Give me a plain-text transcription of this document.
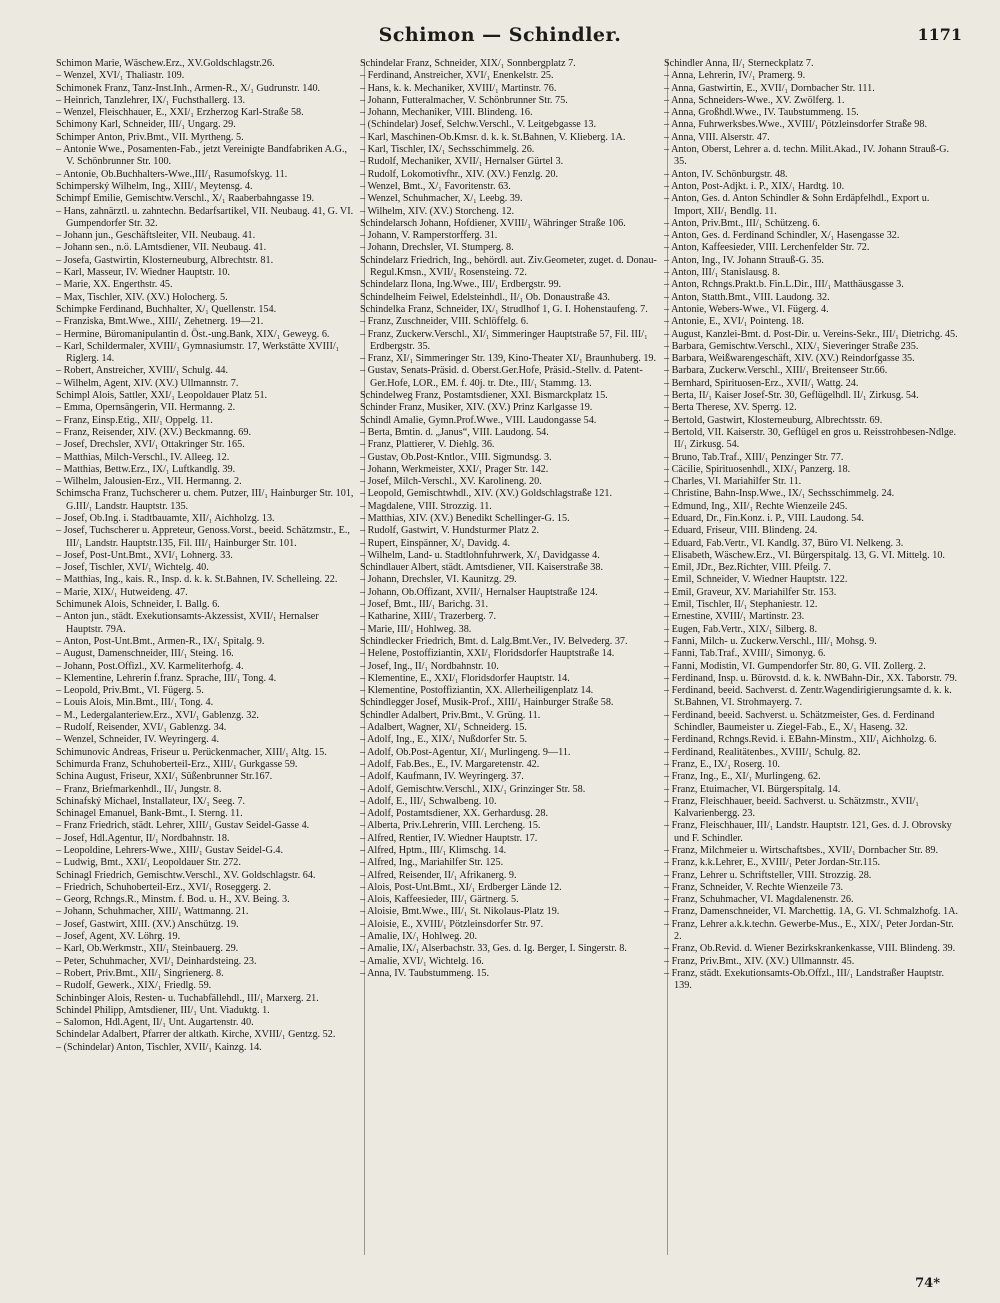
Schimon — Schindler.	1171
Schimon Marie, Wäschew.Erz., XV.Goldschlagstr.26.
– Wenzel, XVI/₁ Thaliastr. 109.
Schimonek Franz, Tanz-Inst.Inh., Armen-R., X/₁ Gudrunstr. 140.
– Heinrich, Tanzlehrer, IX/₁ Fuchsthallerg. 13.
– Wenzel, Fleischhauer, E., XXI/₁ Erzherzog Karl-Straße 58.
Schimony Karl, Schneider, III/₁ Ungarg. 29.
Schimper Anton, Priv.Bmt., VII. Myrtheng. 5.
– Antonie Wwe., Posamenten-Fab., jetzt Vereinigte Bandfabriken A.G., V. Schönbrunner Str. 100.
– Antonie, Ob.Buchhalters-Wwe.,III/₁ Rasumofskyg. 11.
Schimperský Wilhelm, Ing., XIII/₁ Meytensg. 4.
Schimpf Emilie, Gemischtw.Verschl., X/₁ Raaberbahngasse 19.
– Hans, zahnärztl. u. zahntechn. Bedarfsartikel, VII. Neubaug. 41, G. VI. Gumpendorfer Str. 32.
– Johann jun., Geschäftsleiter, VII. Neubaug. 41.
– Johann sen., n.ö. LAmtsdiener, VII. Neubaug. 41.
– Josefa, Gastwirtin, Klosterneuburg, Albrechtstr. 81.
– Karl, Masseur, IV. Wiedner Hauptstr. 10.
– Marie, XX. Engerthstr. 45.
– Max, Tischler, XIV. (XV.) Holocherg. 5.
Schimpke Ferdinand, Buchhalter, X/₁ Quellenstr. 154.
– Franziska, Bmt.Wwe., XIII/₁ Zehetnerg. 19—21.
– Hermine, Büromanipulantin d. Öst.-ung.Bank, XIX/₁ Geweyg. 6.
– Karl, Schildermaler, XVIII/₁ Gymnasiumstr. 17, Werkstätte XVIII/₁ Riglerg. 14.
– Robert, Anstreicher, XVIII/₁ Schulg. 44.
– Wilhelm, Agent, XIV. (XV.) Ullmannstr. 7.
Schimpl Alois, Sattler, XXI/₁ Leopoldauer Platz 51.
– Emma, Opernsängerin, VII. Hermanng. 2.
– Franz, Einsp.Etig., XII/₁ Oppelg. 11.
– Franz, Reisender, XIV. (XV.) Beckmanng. 69.
– Josef, Drechsler, XVI/₁ Ottakringer Str. 165.
– Matthias, Milch-Verschl., IV. Alleeg. 12.
– Matthias, Bettw.Erz., IX/₁ Luftkandlg. 39.
– Wilhelm, Jalousien-Erz., VII. Hermanng. 2.
Schimscha Franz, Tuchscherer u. chem. Putzer, III/₁ Hainburger Str. 101, G.III/₁ Landstr. Hauptstr. 135.
– Josef, Ob.Ing. i. Stadtbauamte, XII/₁ Aichholzg. 13.
– Josef, Tuchscherer u. Appreteur, Genoss.Vorst., beeid. Schätzmstr., E., III/₁ Landstr. Hauptstr.135, Fil. III/₁ Hainburger Str. 101.
– Josef, Post-Unt.Bmt., XVI/₁ Lohnerg. 33.
– Josef, Tischler, XVI/₁ Wichtelg. 40.
– Matthias, Ing., kais. R., Insp. d. k. k. St.Bahnen, IV. Schelleing. 22.
– Marie, XIX/₁ Hutweideng. 47.
Schimunek Alois, Schneider, I. Ballg. 6.
– Anton jun., städt. Exekutionsamts-Akzessist, XVII/₁ Hernalser Hauptstr. 79A.
– Anton, Post-Unt.Bmt., Armen-R., IX/₁ Spitalg. 9.
– August, Damenschneider, III/₁ Steing. 16.
– Johann, Post.Offizl., XV. Karmeliterhofg. 4.
– Klementine, Lehrerin f.franz. Sprache, III/₁ Tong. 4.
– Leopold, Priv.Bmt., VI. Fügerg. 5.
– Louis Alois, Min.Bmt., III/₁ Tong. 4.
– M., Ledergalanteriew.Erz., XVI/₁ Gablenzg. 32.
– Rudolf, Reisender, XVI/₁ Gablenzg. 34.
– Wenzel, Schneider, IV. Weyringerg. 4.
Schimunovic Andreas, Friseur u. Perückenmacher, XIII/₁ Altg. 15.
Schimurda Franz, Schuhoberteil-Erz., XIII/₁ Gurkgasse 59.
Schina August, Friseur, XXI/₁ Süßenbrunner Str.167.
– Franz, Briefmarkenhdl., II/₁ Jungstr. 8.
Schinafský Michael, Installateur, IX/₁ Seeg. 7.
Schinagel Emanuel, Bank-Bmt., I. Sterng. 11.
– Franz Friedrich, städt. Lehrer, XIII/₁ Gustav Seidel-Gasse 4.
– Josef, Hdl.Agentur, II/₁ Nordbahnstr. 18.
– Leopoldine, Lehrers-Wwe., XIII/₁ Gustav Seidel-G.4.
– Ludwig, Bmt., XXI/₁ Leopoldauer Str. 272.
Schinagl Friedrich, Gemischtw.Verschl., XV. Goldschlagstr. 64.
– Friedrich, Schuhoberteil-Erz., XVI/₁ Roseggerg. 2.
– Georg, Rchngs.R., Minstm. f. Bod. u. H., XV. Being. 3.
– Johann, Schuhmacher, XIII/₁ Wattmanng. 21.
– Josef, Gastwirt, XIII. (XV.) Anschützg. 19.
– Josef, Agent, XV. Löhrg. 19.
– Karl, Ob.Werkmstr., XII/₁ Steinbauerg. 29.
– Peter, Schuhmacher, XVI/₁ Deinhardsteing. 23.
– Robert, Priv.Bmt., XII/₁ Singrienerg. 8.
– Rudolf, Gewerk., XIX/₁ Friedlg. 59.
Schinbinger Alois, Resten- u. Tuchabfällehdl., III/₁ Marxerg. 21.
Schindel Philipp, Amtsdiener, III/₁ Unt. Viaduktg. 1.
– Salomon, Hdl.Agent, II/₁ Unt. Augartenstr. 40.
Schindelar Adalbert, Pfarrer der altkath. Kirche, XVIII/₁ Gentzg. 52.
– (Schindelar) Anton, Tischler, XVII/₁ Kainzg. 14.
Schindelar Franz, Schneider, XIX/₁ Sonnbergplatz 7.
– Ferdinand, Anstreicher, XVI/₁ Enenkelstr. 25.
– Hans, k. k. Mechaniker, XVIII/₁ Martinstr. 76.
– Johann, Futteralmacher, V. Schönbrunner Str. 75.
– Johann, Mechaniker, VIII. Blindeng. 16.
– (Schindelar) Josef, Selchw.Verschl., V. Leitgebgasse 13.
– Karl, Maschinen-Ob.Kmsr. d. k. k. St.Bahnen, V. Klieberg. 1A.
– Karl, Tischler, IX/₁ Sechsschimmelg. 26.
– Rudolf, Mechaniker, XVII/₁ Hernalser Gürtel 3.
– Rudolf, Lokomotivfhr., XIV. (XV.) Fenzlg. 20.
– Wenzel, Bmt., X/₁ Favoritenstr. 63.
– Wenzel, Schuhmacher, X/₁ Leebg. 39.
– Wilhelm, XIV. (XV.) Storcheng. 12.
Schindelarsch Johann, Hofdiener, XVIII/₁ Währinger Straße 106.
– Johann, V. Ramperstorfferg. 31.
– Johann, Drechsler, VI. Stumperg. 8.
Schindelarz Friedrich, Ing., behördl. aut. Ziv.Geometer, zuget. d. Donau-Regul.Kmsn., XVII/₁ Rosensteing. 72.
Schindelarz Ilona, Ing.Wwe., III/₁ Erdbergstr. 99.
Schindelheim Feiwel, Edelsteinhdl., II/₁ Ob. Donaustraße 43.
Schindelka Franz, Schneider, IX/₁ Strudlhof 1, G. I. Hohenstaufeng. 7.
– Franz, Zuschneider, VIII. Schlöffelg. 6.
– Franz, Zuckerw.Verschl., XI/₁ Simmeringer Hauptstraße 57, Fil. III/₁ Erdbergstr. 35.
– Franz, XI/₁ Simmeringer Str. 139, Kino-Theater XI/₁ Braunhuberg. 19.
– Gustav, Senats-Präsid. d. Oberst.Ger.Hofe, Präsid.-Stellv. d. Patent-Ger.Hofe, LOR., EM. f. 40j. tr. Dte., III/₁ Stammg. 13.
Schindelweg Franz, Postamtsdiener, XXI. Bismarckplatz 15.
Schinder Franz, Musiker, XIV. (XV.) Prinz Karlgasse 19.
Schindl Amalie, Gymn.Prof.Wwe., VIII. Laudongasse 54.
– Berta, Bmtin. d. „Janus“, VIII. Laudong. 54.
– Franz, Plattierer, V. Diehlg. 36.
– Gustav, Ob.Post-Kntlor., VIII. Sigmundsg. 3.
– Johann, Werkmeister, XXI/₁ Prager Str. 142.
– Josef, Milch-Verschl., XV. Karolineng. 20.
– Leopold, Gemischtwhdl., XIV. (XV.) Goldschlagstraße 121.
– Magdalene, VIII. Strozzig. 11.
– Matthias, XIV. (XV.) Benedikt Schellinger-G. 15.
– Rudolf, Gastwirt, V. Hundsturmer Platz 2.
– Rupert, Einspänner, X/₁ Davidg. 4.
– Wilhelm, Land- u. Stadtlohnfuhrwerk, X/₁ Davidgasse 4.
Schindlauer Albert, städt. Amtsdiener, VII. Kaiserstraße 38.
– Johann, Drechsler, VI. Kaunitzg. 29.
– Johann, Ob.Offizant, XVII/₁ Hernalser Hauptstraße 124.
– Josef, Bmt., III/₁ Barichg. 31.
– Katharine, XIII/₁ Trazerberg. 7.
– Marie, III/₁ Hohlweg. 38.
Schindlecker Friedrich, Bmt. d. Lalg.Bmt.Ver., IV. Belvederg. 37.
– Helene, Postoffiziantin, XXI/₁ Floridsdorfer Hauptstraße 14.
– Josef, Ing., II/₁ Nordbahnstr. 10.
– Klementine, E., XXI/₁ Floridsdorfer Hauptstr. 14.
– Klementine, Postoffiziantin, XX. Allerheiligenplatz 14.
Schindlegger Josef, Musik-Prof., XIII/₁ Hainburger Straße 58.
Schindler Adalbert, Priv.Bmt., V. Grüng. 11.
– Adalbert, Wagner, XI/₁ Schneiderg. 15.
– Adolf, Ing., E., XIX/₁ Nußdorfer Str. 5.
– Adolf, Ob.Post-Agentur, XI/₁ Murlingeng. 9—11.
– Adolf, Fab.Bes., E., IV. Margaretenstr. 42.
– Adolf, Kaufmann, IV. Weyringerg. 37.
– Adolf, Gemischtw.Verschl., XIX/₁ Grinzinger Str. 58.
– Adolf, E., III/₁ Schwalbeng. 10.
– Adolf, Postamtsdiener, XX. Gerhardusg. 28.
– Alberta, Priv.Lehrerin, VIII. Lercheng. 15.
– Alfred, Rentier, IV. Wiedner Hauptstr. 17.
– Alfred, Hptm., III/₁ Klimschg. 14.
– Alfred, Ing., Mariahilfer Str. 125.
– Alfred, Reisender, II/₁ Afrikanerg. 9.
– Alois, Post-Unt.Bmt., XI/₁ Erdberger Lände 12.
– Alois, Kaffeesieder, III/₁ Gärtnerg. 5.
– Aloisie, Bmt.Wwe., III/₁ St. Nikolaus-Platz 19.
– Aloisie, E., XVIII/₁ Pötzleinsdorfer Str. 97.
– Amalie, IX/₁ Hohlweg. 20.
– Amalie, IX/₁ Alserbachstr. 33, Ges. d. Ig. Berger, I. Singerstr. 8.
– Amalie, XVI/₁ Wichtelg. 16.
– Anna, IV. Taubstummeng. 15.
Schindler Anna, II/₁ Sterneckplatz 7.
– Anna, Lehrerin, IV/₁ Pramerg. 9.
– Anna, Gastwirtin, E., XVII/₁ Dornbacher Str. 111.
– Anna, Schneiders-Wwe., XV. Zwölferg. 1.
– Anna, Großhdl.Wwe., IV. Taubstummeng. 15.
– Anna, Fuhrwerksbes.Wwe., XVIII/₁ Pötzleinsdorfer Straße 98.
– Anna, VIII. Alserstr. 47.
– Anton, Oberst, Lehrer a. d. techn. Milit.Akad., IV. Johann Strauß-G. 35.
– Anton, IV. Schönburgstr. 48.
– Anton, Post-Adjkt. i. P., XIX/₁ Hardtg. 10.
– Anton, Ges. d. Anton Schindler & Sohn Erdäpfelhdl., Export u. Import, XII/₁ Bendlg. 11.
– Anton, Priv.Bmt., III/₁ Schützeng. 6.
– Anton, Ges. d. Ferdinand Schindler, X/₁ Hasengasse 32.
– Anton, Kaffeesieder, VIII. Lerchenfelder Str. 72.
– Anton, Ing., IV. Johann Strauß-G. 35.
– Anton, III/₁ Stanislausg. 8.
– Anton, Rchngs.Prakt.b. Fin.L.Dir., III/₁ Matthäusgasse 3.
– Anton, Statth.Bmt., VIII. Laudong. 32.
– Antonie, Webers-Wwe., VI. Fügerg. 4.
– Antonie, E., XVI/₁ Pointeng. 18.
– August, Kanzlei-Bmt. d. Post-Dir. u. Vereins-Sekr., III/₁ Dietrichg. 45.
– Barbara, Gemischtw.Verschl., XIX/₁ Sieveringer Straße 235.
– Barbara, Weißwarengeschäft, XIV. (XV.) Reindorfgasse 35.
– Barbara, Zuckerw.Verschl., XIII/₁ Breitenseer Str.66.
– Bernhard, Spirituosen-Erz., XVII/₁ Wattg. 24.
– Berta, II/₁ Kaiser Josef-Str. 30, Geflügelhdl. II/₁ Zirkusg. 54.
– Berta Therese, XV. Sperrg. 12.
– Bertold, Gastwirt, Klosterneuburg, Albrechtsstr. 69.
– Bertold, VII. Kaiserstr. 30, Geflügel en gros u. Reisstrohbesen-Ndlge. II/₁ Zirkusg. 54.
– Bruno, Tab.Traf., XIII/₁ Penzinger Str. 77.
– Cäcilie, Spirituosenhdl., XIX/₁ Panzerg. 18.
– Charles, VI. Mariahilfer Str. 11.
– Christine, Bahn-Insp.Wwe., IX/₁ Sechsschimmelg. 24.
– Edmund, Ing., XII/₁ Rechte Wienzeile 245.
– Eduard, Dr., Fin.Konz. i. P., VIII. Laudong. 54.
– Eduard, Friseur, VIII. Blindeng. 24.
– Eduard, Fab.Vertr., VI. Kandlg. 37, Büro VI. Nelkeng. 3.
– Elisabeth, Wäschew.Erz., VI. Bürgerspitalg. 13, G. VI. Mittelg. 10.
– Emil, JDr., Bez.Richter, VIII. Pfeilg. 7.
– Emil, Schneider, V. Wiedner Hauptstr. 122.
– Emil, Graveur, XV. Mariahilfer Str. 153.
– Emil, Tischler, II/₁ Stephaniestr. 12.
– Ernestine, XVIII/₁ Martinstr. 23.
– Eugen, Fab.Vertr., XIX/₁ Silberg. 8.
– Fanni, Milch- u. Zuckerw.Verschl., III/₁ Mohsg. 9.
– Fanni, Tab.Traf., XVIII/₁ Simonyg. 6.
– Fanni, Modistin, VI. Gumpendorfer Str. 80, G. VII. Zollerg. 2.
– Ferdinand, Insp. u. Bürovstd. d. k. k. NWBahn-Dir., XX. Taborstr. 79.
– Ferdinand, beeid. Sachverst. d. Zentr.Wagendirigierungsamte d. k. k. St.Bahnen, VI. Strohmayerg. 7.
– Ferdinand, beeid. Sachverst. u. Schätzmeister, Ges. d. Ferdinand Schindler, Baumeister u. Ziegel-Fab., E., X/₁ Haseng. 32.
– Ferdinand, Rchngs.Revid. i. EBahn-Minstm., XII/₁ Aichholzg. 6.
– Ferdinand, Realitätenbes., XVIII/₁ Schulg. 82.
– Franz, E., IX/₁ Roserg. 10.
– Franz, Ing., E., XI/₁ Murlingeng. 62.
– Franz, Etuimacher, VI. Bürgerspitalg. 14.
– Franz, Fleischhauer, beeid. Sachverst. u. Schätzmstr., XVII/₁ Kalvarienbergg. 23.
– Franz, Fleischhauer, III/₁ Landstr. Hauptstr. 121, Ges. d. J. Obrovsky und F. Schindler.
– Franz, Milchmeier u. Wirtschaftsbes., XVII/₁ Dornbacher Str. 89.
– Franz, k.k.Lehrer, E., XVIII/₁ Peter Jordan-Str.115.
– Franz, Lehrer u. Schriftsteller, VIII. Strozzig. 28.
– Franz, Schneider, V. Rechte Wienzeile 73.
– Franz, Schuhmacher, VI. Magdalenenstr. 26.
– Franz, Damenschneider, VI. Marchettig. 1A, G. VI. Schmalzhofg. 1A.
– Franz, Lehrer a.k.k.techn. Gewerbe-Mus., E., XIX/₁ Peter Jordan-Str. 2.
– Franz, Ob.Revid. d. Wiener Bezirkskrankenkasse, VIII. Blindeng. 39.
– Franz, Priv.Bmt., XIV. (XV.) Ullmannstr. 45.
– Franz, städt. Exekutionsamts-Ob.Offzl., III/₁ Landstraßer Hauptstr. 139.
74*
